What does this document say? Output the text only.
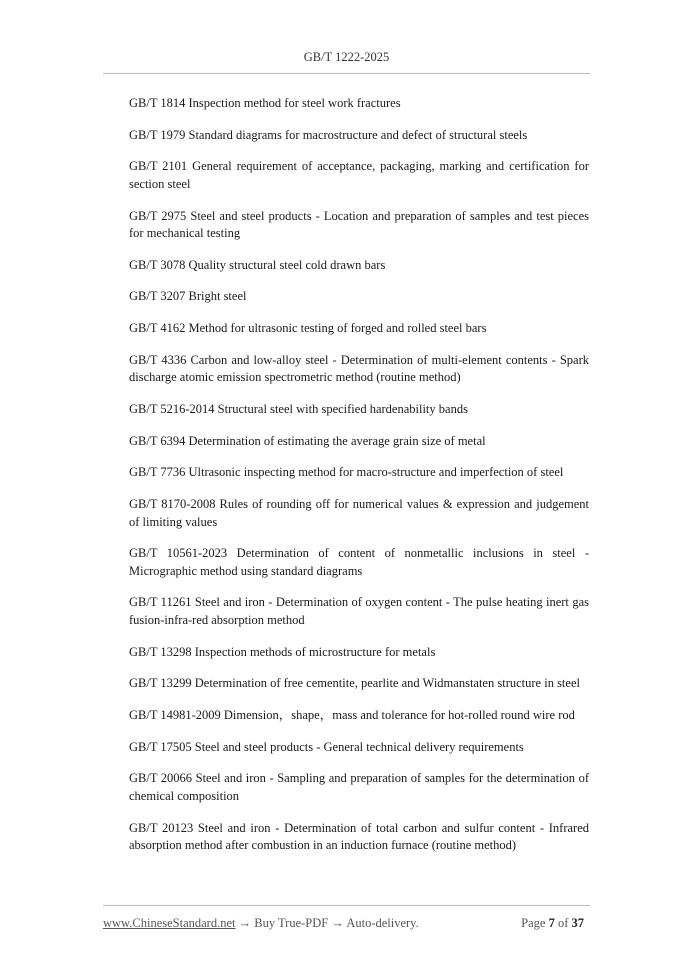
GB/T 1222-2025

GB/T 1814 Inspection method for steel work fractures

GB/T 1979 Standard diagrams for macrostructure and defect of structural steels

GB/T 2101 General requirement of acceptance, packaging, marking and certification for section steel

GB/T 2975 Steel and steel products - Location and preparation of samples and test pieces for mechanical testing

GB/T 3078 Quality structural steel cold drawn bars

GB/T 3207 Bright steel

GB/T 4162 Method for ultrasonic testing of forged and rolled steel bars

GB/T 4336 Carbon and low-alloy steel - Determination of multi-element contents - Spark discharge atomic emission spectrometric method (routine method)

GB/T 5216-2014 Structural steel with specified hardenability bands

GB/T 6394 Determination of estimating the average grain size of metal

GB/T 7736 Ultrasonic inspecting method for macro-structure and imperfection of steel

GB/T 8170-2008 Rules of rounding off for numerical values & expression and judgement of limiting values

GB/T 10561-2023 Determination of content of nonmetallic inclusions in steel - Micrographic method using standard diagrams

GB/T 11261 Steel and iron - Determination of oxygen content - The pulse heating inert gas fusion-infra-red absorption method

GB/T 13298 Inspection methods of microstructure for metals

GB/T 13299 Determination of free cementite, pearlite and Widmanstaten structure in steel

GB/T 14981-2009 Dimension，shape，mass and tolerance for hot-rolled round wire rod

GB/T 17505 Steel and steel products - General technical delivery requirements

GB/T 20066 Steel and iron - Sampling and preparation of samples for the determination of chemical composition

GB/T 20123 Steel and iron - Determination of total carbon and sulfur content - Infrared absorption method after combustion in an induction furnace (routine method)

www.ChineseStandard.net → Buy True-PDF → Auto-delivery.	Page 7 of 37
